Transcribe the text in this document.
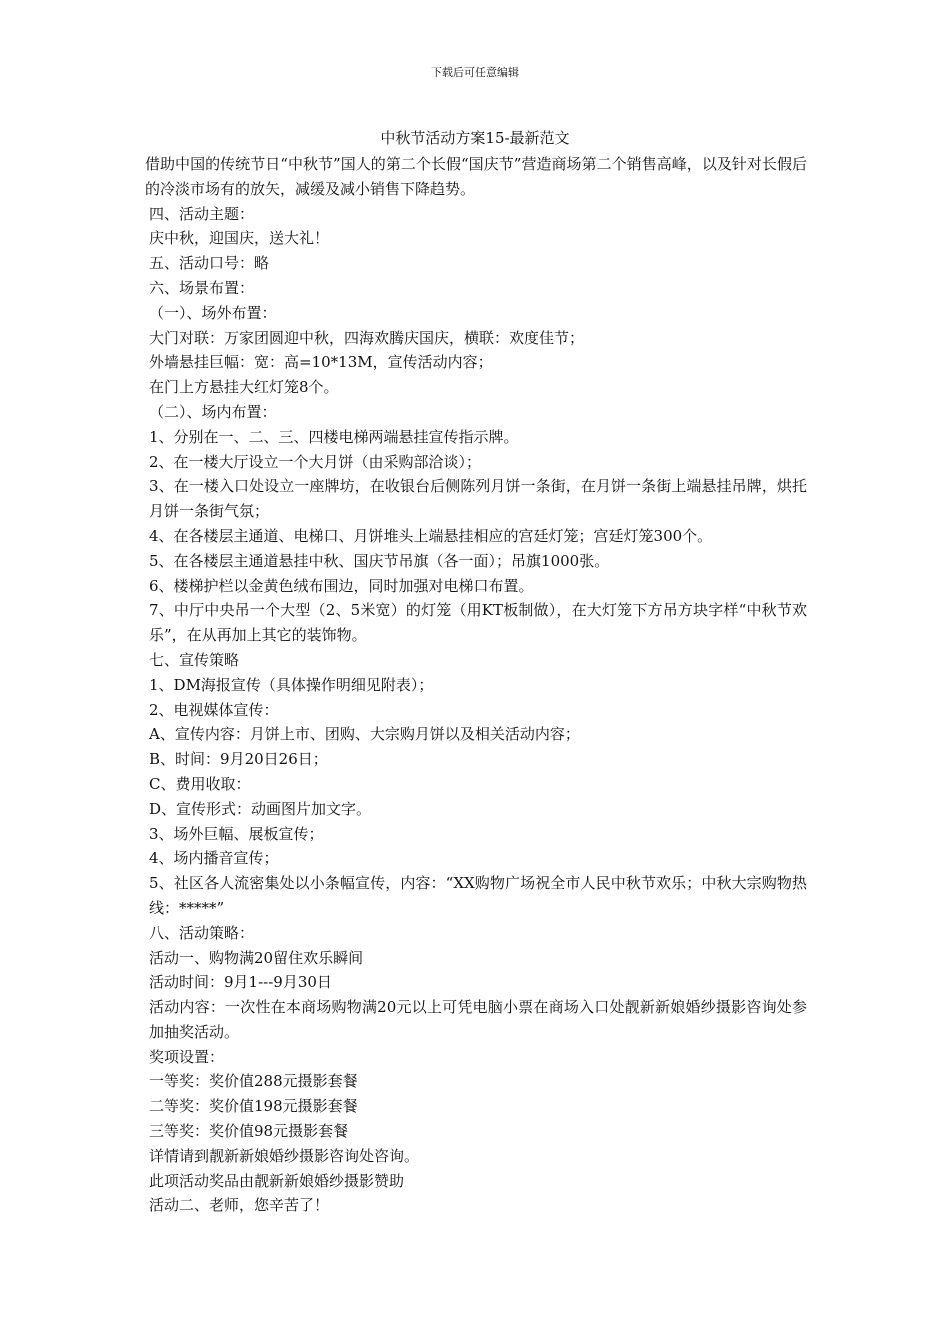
下载后可任意编辑
中秋节活动方案15-最新范文

借助中国的传统节日“中秋节”国人的第二个长假“国庆节”营造商场第二个销售高峰，以及针对长假后的冷淡市场有的放矢，减缓及减小销售下降趋势。

四、活动主题：

庆中秋，迎国庆，送大礼！

五、活动口号：略

六、场景布置：

（一）、场外布置：

大门对联：万家团圆迎中秋，四海欢腾庆国庆，横联：欢度佳节；

外墙悬挂巨幅：宽：高=10*13M，宣传活动内容；

在门上方悬挂大红灯笼8个。

（二）、场内布置：

1、分别在一、二、三、四楼电梯两端悬挂宣传指示牌。

2、在一楼大厅设立一个大月饼（由采购部洽谈）；

3、在一楼入口处设立一座牌坊，在收银台后侧陈列月饼一条街，在月饼一条街上端悬挂吊牌，烘托月饼一条街气氛；

4、在各楼层主通道、电梯口、月饼堆头上端悬挂相应的宫廷灯笼；宫廷灯笼300个。

5、在各楼层主通道悬挂中秋、国庆节吊旗（各一面）；吊旗1000张。

6、楼梯护栏以金黄色绒布围边，同时加强对电梯口布置。

7、中厅中央吊一个大型（2、5米宽）的灯笼（用KT板制做），在大灯笼下方吊方块字样“中秋节欢乐”，在从再加上其它的装饰物。

七、宣传策略

1、DM海报宣传（具体操作明细见附表）；

2、电视媒体宣传：

A、宣传内容：月饼上市、团购、大宗购月饼以及相关活动内容；

B、时间：9月20日26日；

C、费用收取：

D、宣传形式：动画图片加文字。

3、场外巨幅、展板宣传；

4、场内播音宣传；

5、社区各人流密集处以小条幅宣传，内容：“XX购物广场祝全市人民中秋节欢乐；中秋大宗购物热线：*****”

八、活动策略：

活动一、购物满20留住欢乐瞬间

活动时间：9月1---9月30日

活动内容：一次性在本商场购物满20元以上可凭电脑小票在商场入口处靓新新娘婚纱摄影咨询处参加抽奖活动。

奖项设置：

一等奖：奖价值288元摄影套餐

二等奖：奖价值198元摄影套餐

三等奖：奖价值98元摄影套餐

详情请到靓新新娘婚纱摄影咨询处咨询。

此项活动奖品由靓新新娘婚纱摄影赞助

活动二、老师，您辛苦了！
